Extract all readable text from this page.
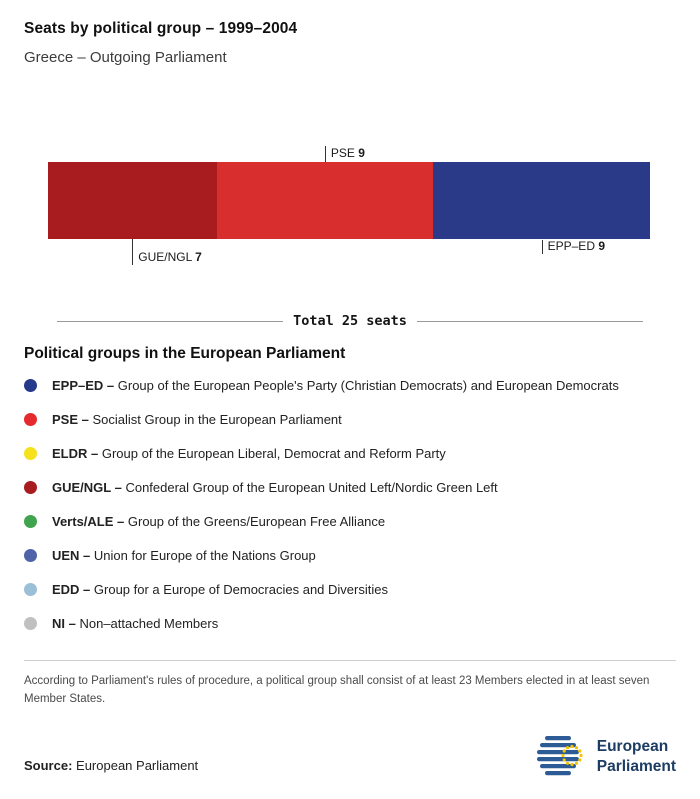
Seats by political group – 1999–2004
Greece – Outgoing Parliament
GUE/NGL 7
PSE 9
EPP–ED 9
Total 25 seats
Political groups in the European Parliament
EPP–ED – Group of the European People's Party (Christian Democrats) and European Democrats
PSE – Socialist Group in the European Parliament
ELDR – Group of the European Liberal, Democrat and Reform Party
GUE/NGL – Confederal Group of the European United Left/Nordic Green Left
Verts/ALE – Group of the Greens/European Free Alliance
UEN – Union for Europe of the Nations Group
EDD – Group for a Europe of Democracies and Diversities
NI – Non–attached Members

According to Parliament's rules of procedure, a political group shall consist of at least 23 Members elected in at least seven Member States.

Source: European Parliament
European
Parliament
